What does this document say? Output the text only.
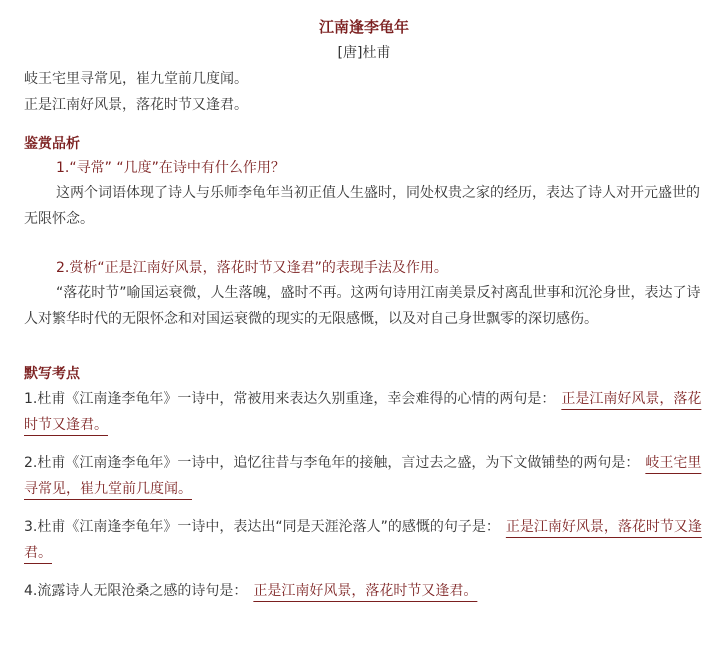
江南逢李龟年
[唐]杜甫
岐王宅里寻常见，崔九堂前几度闻。
正是江南好风景，落花时节又逢君。
鉴赏品析
1.“寻常” “几度”在诗中有什么作用？
这两个词语体现了诗人与乐师李龟年当初正值人生盛时，同处权贵之家的经历，表达了诗人对开元盛世的无限怀念。
2.赏析“正是江南好风景，落花时节又逢君”的表现手法及作用。
“落花时节”喻国运衰微，人生落魄，盛时不再。这两句诗用江南美景反衬离乱世事和沉沦身世，表达了诗人对繁华时代的无限怀念和对国运衰微的现实的无限感慨，以及对自己身世飘零的深切感伤。
默写考点
1.杜甫《江南逢李龟年》一诗中，常被用来表达久别重逢，幸会难得的心情的两句是： 正是江南好风景，落花时节又逢君。
2.杜甫《江南逢李龟年》一诗中，追忆往昔与李龟年的接触，言过去之盛，为下文做铺垫的两句是： 岐王宅里寻常见，崔九堂前几度闻。
3.杜甫《江南逢李龟年》一诗中，表达出“同是天涯沦落人”的感慨的句子是： 正是江南好风景，落花时节又逢君。
4.流露诗人无限沧桑之感的诗句是： 正是江南好风景，落花时节又逢君。
